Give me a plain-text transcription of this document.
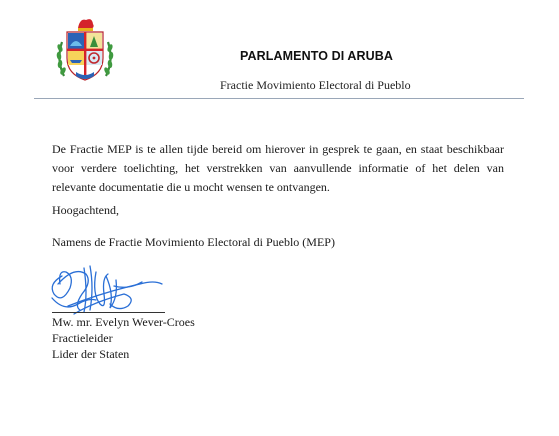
PARLAMENTO DI ARUBA
Fractie Movimiento Electoral di Pueblo

De Fractie MEP is te allen tijde bereid om hierover in gesprek te gaan, en staat beschikbaar voor verdere toelichting, het verstrekken van aanvullende informatie of het delen van relevante documentatie die u mocht wensen te ontvangen.

Hoogachtend,

Namens de Fractie Movimiento Electoral di Pueblo (MEP)

Mw. mr. Evelyn Wever-Croes
Fractieleider
Lider der Staten
